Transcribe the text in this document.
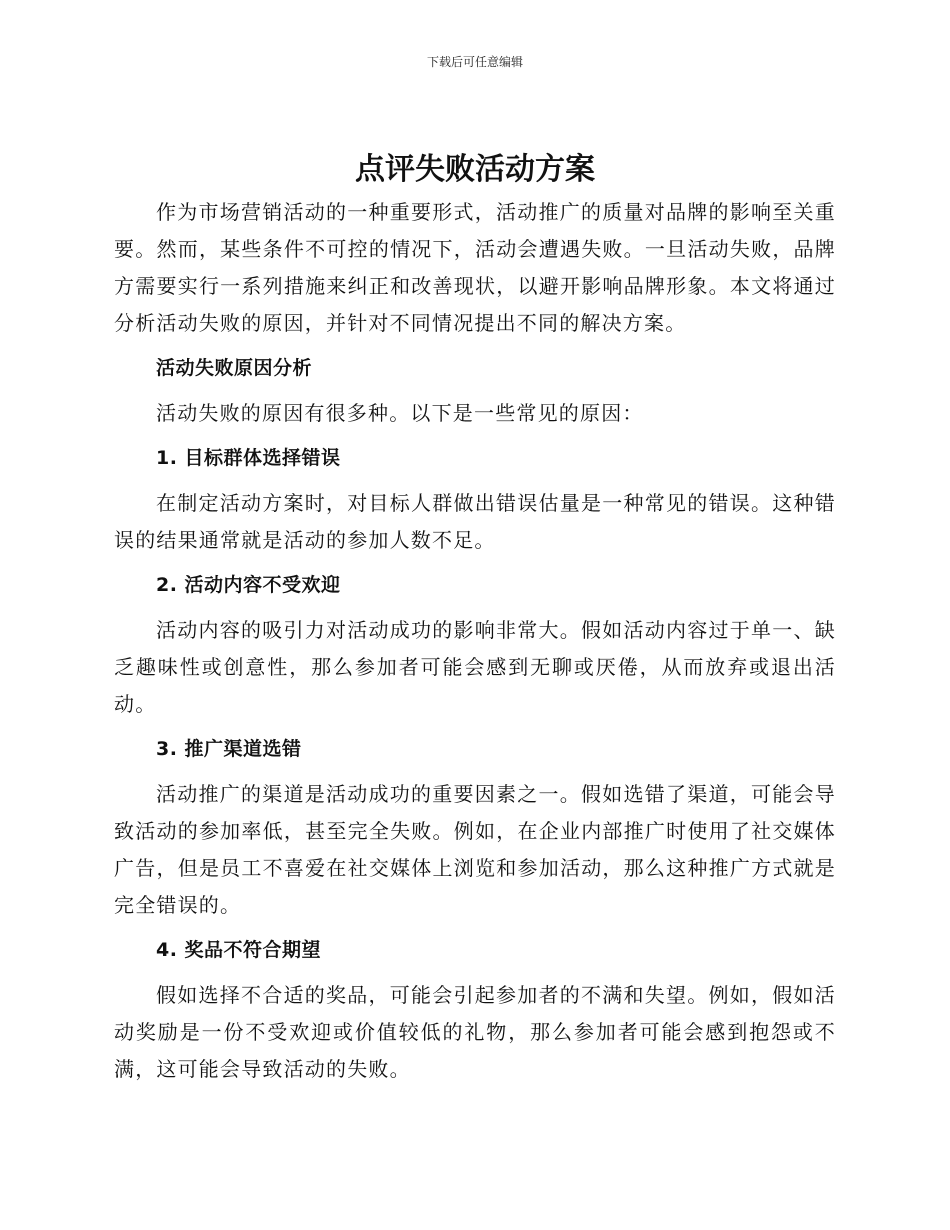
下载后可任意编辑
点评失败活动方案

作为市场营销活动的一种重要形式，活动推广的质量对品牌的影响至关重要。然而，某些条件不可控的情况下，活动会遭遇失败。一旦活动失败，品牌方需要实行一系列措施来纠正和改善现状，以避开影响品牌形象。本文将通过分析活动失败的原因，并针对不同情况提出不同的解决方案。

活动失败原因分析

活动失败的原因有很多种。以下是一些常见的原因：

1. 目标群体选择错误

在制定活动方案时，对目标人群做出错误估量是一种常见的错误。这种错误的结果通常就是活动的参加人数不足。

2. 活动内容不受欢迎

活动内容的吸引力对活动成功的影响非常大。假如活动内容过于单一、缺乏趣味性或创意性，那么参加者可能会感到无聊或厌倦，从而放弃或退出活动。

3. 推广渠道选错

活动推广的渠道是活动成功的重要因素之一。假如选错了渠道，可能会导致活动的参加率低，甚至完全失败。例如，在企业内部推广时使用了社交媒体广告，但是员工不喜爱在社交媒体上浏览和参加活动，那么这种推广方式就是完全错误的。

4. 奖品不符合期望

假如选择不合适的奖品，可能会引起参加者的不满和失望。例如，假如活动奖励是一份不受欢迎或价值较低的礼物，那么参加者可能会感到抱怨或不满，这可能会导致活动的失败。
